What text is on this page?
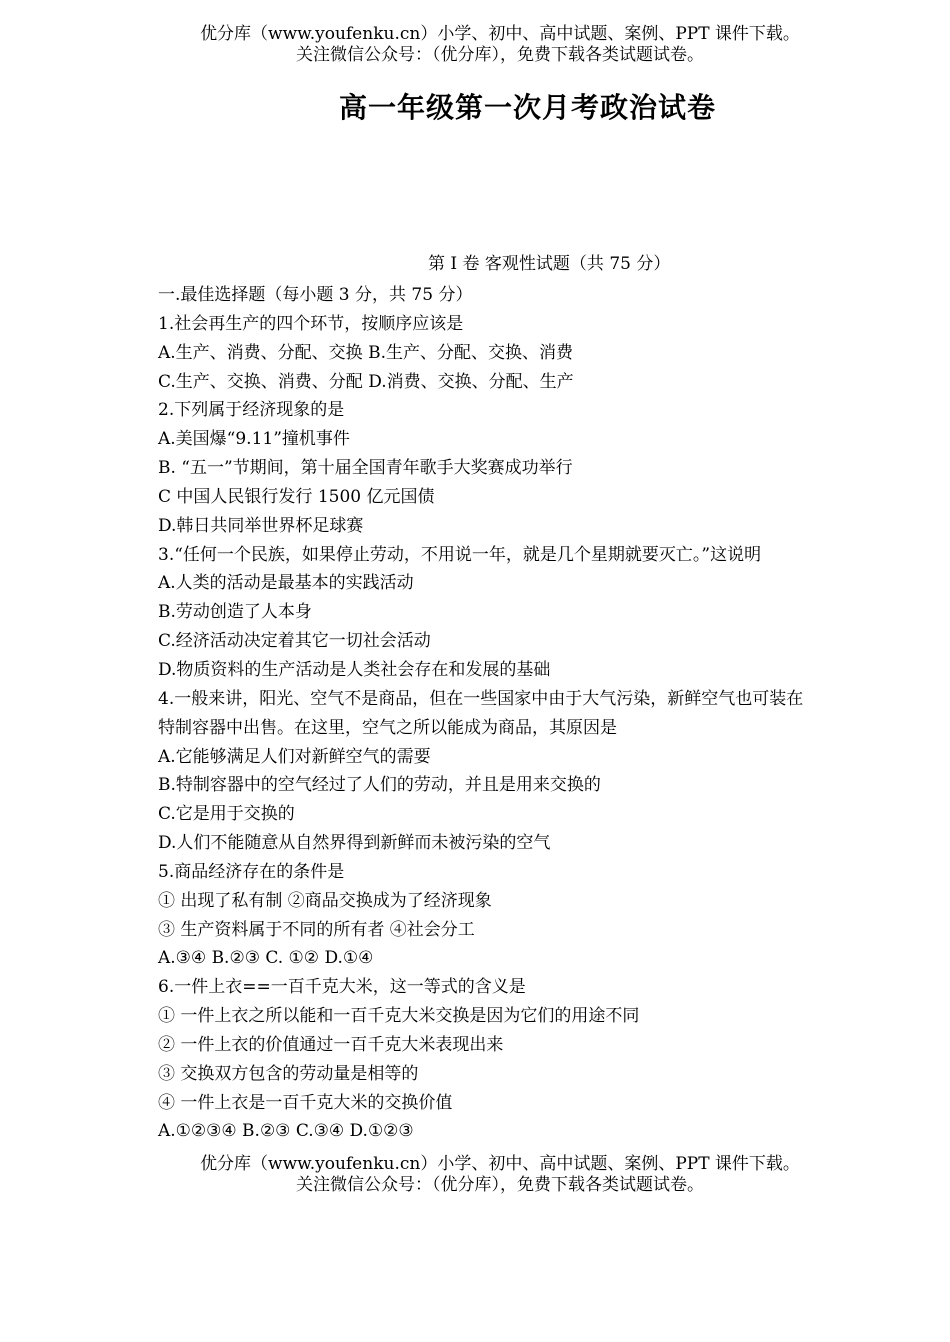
优分库（www.youfenku.cn）小学、初中、高中试题、案例、PPT 课件下载。
关注微信公众号：（优分库），免费下载各类试题试卷。
高一年级第一次月考政治试卷
第 Ⅰ 卷 客观性试题（共 75 分）
一.最佳选择题（每小题 3 分，共 75 分）
1.社会再生产的四个环节，按顺序应该是
A.生产、消费、分配、交换 B.生产、分配、交换、消费
C.生产、交换、消费、分配 D.消费、交换、分配、生产
2.下列属于经济现象的是
A.美国爆“9.11”撞机事件
B. “五一”节期间，第十届全国青年歌手大奖赛成功举行
C 中国人民银行发行 1500 亿元国债
D.韩日共同举世界杯足球赛
3.“任何一个民族，如果停止劳动，不用说一年，就是几个星期就要灭亡。”这说明
A.人类的活动是最基本的实践活动
B.劳动创造了人本身
C.经济活动决定着其它一切社会活动
D.物质资料的生产活动是人类社会存在和发展的基础
4.一般来讲，阳光、空气不是商品，但在一些国家中由于大气污染，新鲜空气也可装在
特制容器中出售。在这里，空气之所以能成为商品，其原因是
A.它能够满足人们对新鲜空气的需要
B.特制容器中的空气经过了人们的劳动，并且是用来交换的
C.它是用于交换的
D.人们不能随意从自然界得到新鲜而未被污染的空气
5.商品经济存在的条件是
① 出现了私有制 ②商品交换成为了经济现象
③ 生产资料属于不同的所有者 ④社会分工
A.③④ B.②③ C. ①② D.①④
6.一件上衣==一百千克大米，这一等式的含义是
① 一件上衣之所以能和一百千克大米交换是因为它们的用途不同
② 一件上衣的价值通过一百千克大米表现出来
③ 交换双方包含的劳动量是相等的
④ 一件上衣是一百千克大米的交换价值
A.①②③④ B.②③ C.③④ D.①②③
优分库（www.youfenku.cn）小学、初中、高中试题、案例、PPT 课件下载。
关注微信公众号：（优分库），免费下载各类试题试卷。
